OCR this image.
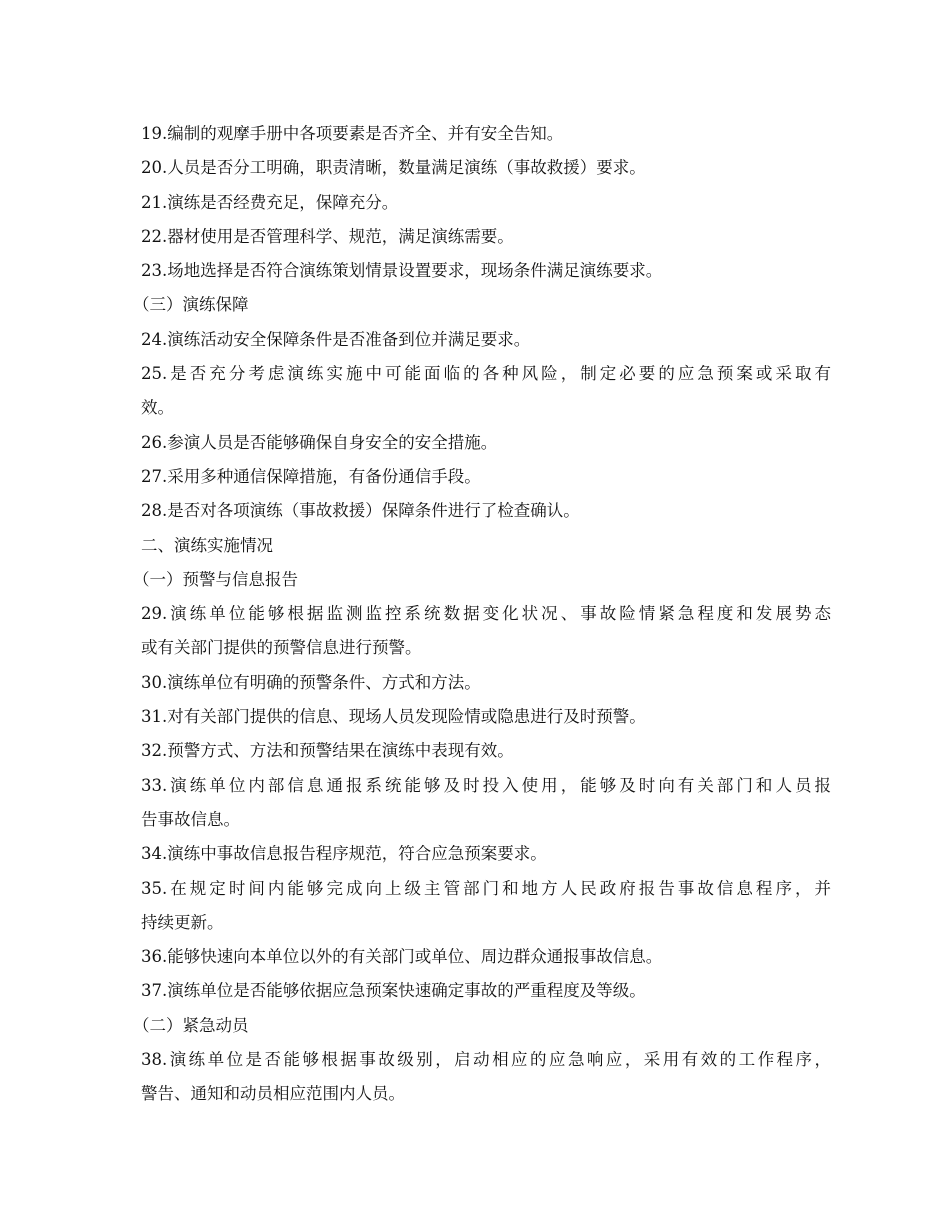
19.编制的观摩手册中各项要素是否齐全、并有安全告知。
20.人员是否分工明确，职责清晰，数量满足演练（事故救援）要求。
21.演练是否经费充足，保障充分。
22.器材使用是否管理科学、规范，满足演练需要。
23.场地选择是否符合演练策划情景设置要求，现场条件满足演练要求。
（三）演练保障
24.演练活动安全保障条件是否准备到位并满足要求。
25.是否充分考虑演练实施中可能面临的各种风险，制定必要的应急预案或采取有
效。
26.参演人员是否能够确保自身安全的安全措施。
27.采用多种通信保障措施，有备份通信手段。
28.是否对各项演练（事故救援）保障条件进行了检查确认。
二、演练实施情况
（一）预警与信息报告
29.演练单位能够根据监测监控系统数据变化状况、事故险情紧急程度和发展势态
或有关部门提供的预警信息进行预警。
30.演练单位有明确的预警条件、方式和方法。
31.对有关部门提供的信息、现场人员发现险情或隐患进行及时预警。
32.预警方式、方法和预警结果在演练中表现有效。
33.演练单位内部信息通报系统能够及时投入使用，能够及时向有关部门和人员报
告事故信息。
34.演练中事故信息报告程序规范，符合应急预案要求。
35.在规定时间内能够完成向上级主管部门和地方人民政府报告事故信息程序，并
持续更新。
36.能够快速向本单位以外的有关部门或单位、周边群众通报事故信息。
37.演练单位是否能够依据应急预案快速确定事故的严重程度及等级。
（二）紧急动员
38.演练单位是否能够根据事故级别，启动相应的应急响应，采用有效的工作程序，
警告、通知和动员相应范围内人员。
